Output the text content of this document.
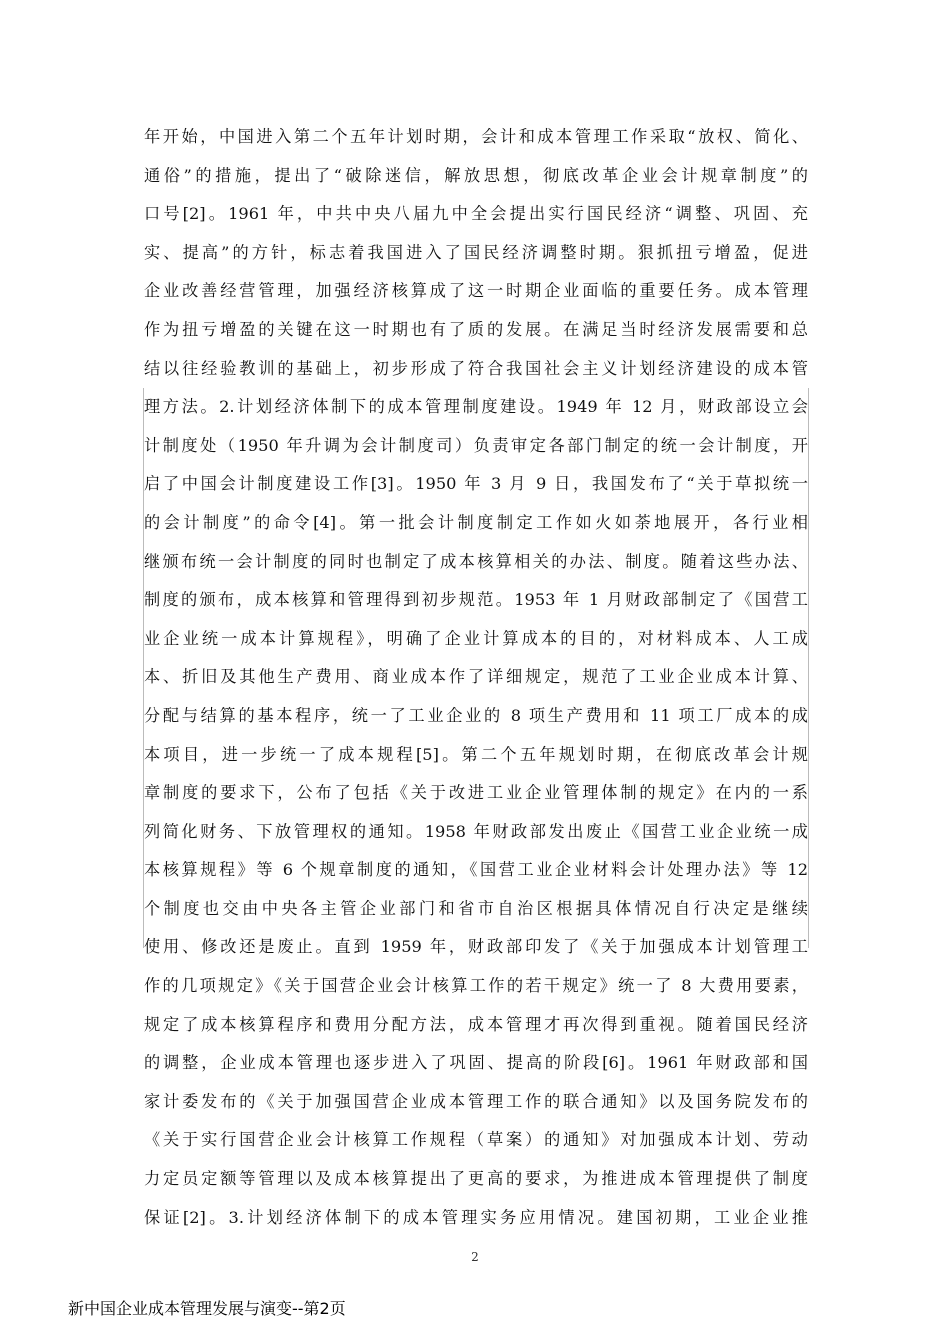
年开始，中国进入第二个五年计划时期，会计和成本管理工作采取“放权、简化、
通俗”的措施，提出了“破除迷信，解放思想，彻底改革企业会计规章制度”的
口号[2]。1961 年，中共中央八届九中全会提出实行国民经济“调整、巩固、充
实、提高”的方针，标志着我国进入了国民经济调整时期。狠抓扭亏增盈，促进
企业改善经营管理，加强经济核算成了这一时期企业面临的重要任务。成本管理
作为扭亏增盈的关键在这一时期也有了质的发展。在满足当时经济发展需要和总
结以往经验教训的基础上，初步形成了符合我国社会主义计划经济建设的成本管
理方法。2.计划经济体制下的成本管理制度建设。1949 年 12 月，财政部设立会
计制度处（1950 年升调为会计制度司）负责审定各部门制定的统一会计制度，开
启了中国会计制度建设工作[3]。1950 年 3 月 9 日，我国发布了“关于草拟统一
的会计制度”的命令[4]。第一批会计制度制定工作如火如荼地展开，各行业相
继颁布统一会计制度的同时也制定了成本核算相关的办法、制度。随着这些办法、
制度的颁布，成本核算和管理得到初步规范。1953 年 1 月财政部制定了《国营工
业企业统一成本计算规程》，明确了企业计算成本的目的，对材料成本、人工成
本、折旧及其他生产费用、商业成本作了详细规定，规范了工业企业成本计算、
分配与结算的基本程序，统一了工业企业的 8 项生产费用和 11 项工厂成本的成
本项目，进一步统一了成本规程[5]。第二个五年规划时期，在彻底改革会计规
章制度的要求下，公布了包括《关于改进工业企业管理体制的规定》在内的一系
列简化财务、下放管理权的通知。1958 年财政部发出废止《国营工业企业统一成
本核算规程》等 6 个规章制度的通知，《国营工业企业材料会计处理办法》等 12
个制度也交由中央各主管企业部门和省市自治区根据具体情况自行决定是继续
使用、修改还是废止。直到 1959 年，财政部印发了《关于加强成本计划管理工
作的几项规定》《关于国营企业会计核算工作的若干规定》统一了 8 大费用要素，
规定了成本核算程序和费用分配方法，成本管理才再次得到重视。随着国民经济
的调整，企业成本管理也逐步进入了巩固、提高的阶段[6]。1961 年财政部和国
家计委发布的《关于加强国营企业成本管理工作的联合通知》以及国务院发布的
《关于实行国营企业会计核算工作规程（草案）的通知》对加强成本计划、劳动
力定员定额等管理以及成本核算提出了更高的要求，为推进成本管理提供了制度
保证[2]。3.计划经济体制下的成本管理实务应用情况。建国初期，工业企业推
2
新中国企业成本管理发展与演变--第2页
